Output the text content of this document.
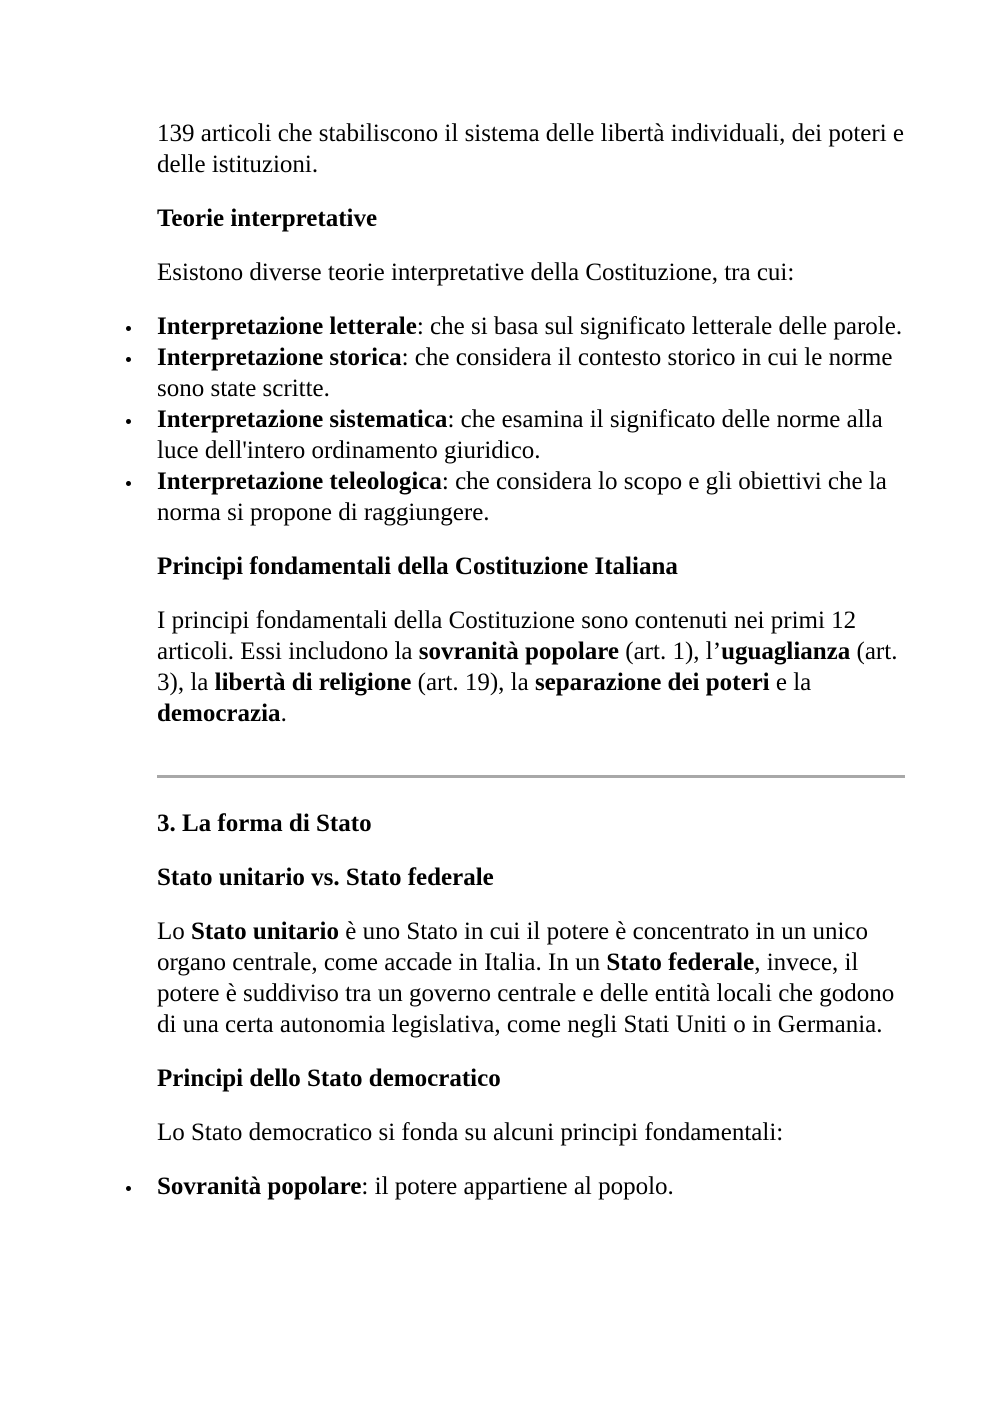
139 articoli che stabiliscono il sistema delle libertà individuali, dei poteri e delle istituzioni.

Teorie interpretative

Esistono diverse teorie interpretative della Costituzione, tra cui:

Interpretazione letterale: che si basa sul significato letterale delle parole.
Interpretazione storica: che considera il contesto storico in cui le norme sono state scritte.
Interpretazione sistematica: che esamina il significato delle norme alla luce dell'intero ordinamento giuridico.
Interpretazione teleologica: che considera lo scopo e gli obiettivi che la norma si propone di raggiungere.
Principi fondamentali della Costituzione Italiana

I principi fondamentali della Costituzione sono contenuti nei primi 12 articoli. Essi includono la sovranità popolare (art. 1), l’uguaglianza (art. 3), la libertà di religione (art. 19), la separazione dei poteri e la democrazia.

3. La forma di Stato
Stato unitario vs. Stato federale

Lo Stato unitario è uno Stato in cui il potere è concentrato in un unico organo centrale, come accade in Italia. In un Stato federale, invece, il potere è suddiviso tra un governo centrale e delle entità locali che godono di una certa autonomia legislativa, come negli Stati Uniti o in Germania.

Principi dello Stato democratico

Lo Stato democratico si fonda su alcuni principi fondamentali:

Sovranità popolare: il potere appartiene al popolo.
